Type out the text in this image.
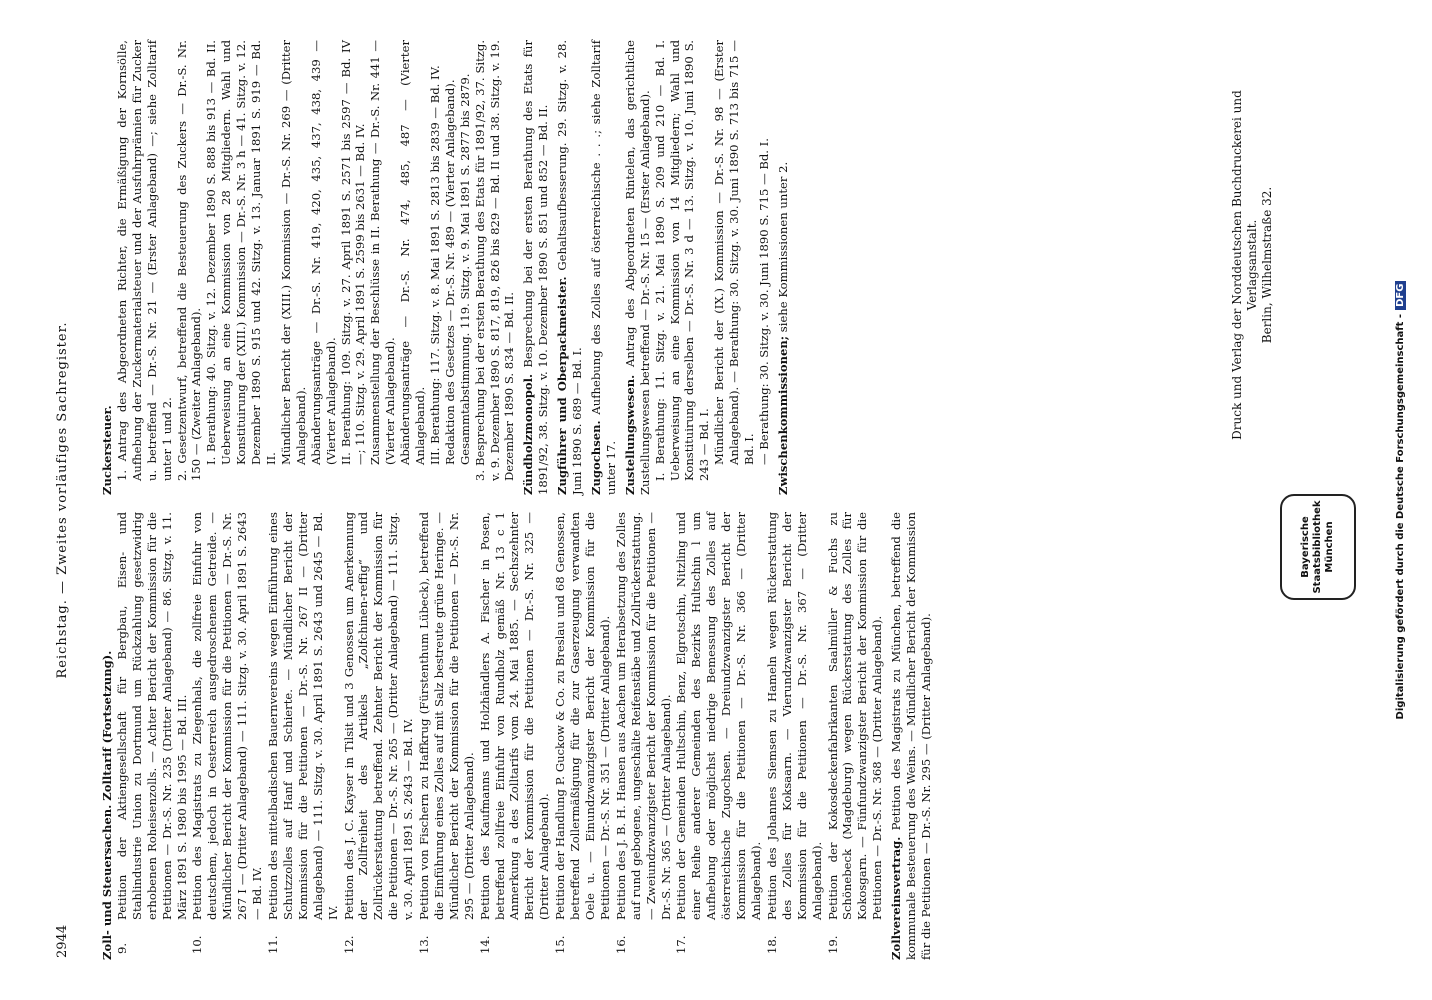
2944
Reichstag. — Zweites vorläufiges Sachregister.
Zoll- und Steuersachen. Zolltarif (Fortsetzung). 9.
Petition der Aktiengesellschaft für Bergbau, Eisen- und Stahlindustrie Union zu Dortmund um Rückzahlung gesetzwidrig erhobenen Roheisenzolls. — Achter Bericht der Kommission für die Petitionen — Dr.-S. Nr. 235 (Dritter Anlageband) — 86. Sitzg. v. 11. März 1891 S. 1980 bis 1995 — Bd. III.
10.
Petition des Magistrats zu Ziegenhals, die zollfreie Einfuhr von deutschem, jedoch in Oesterreich ausgedroschenem Getreide. — Mündlicher Bericht der Kommission für die Petitionen — Dr.-S. Nr. 267 I — (Dritter Anlageband) — 111. Sitzg. v. 30. April 1891 S. 2643 — Bd. IV.
11.
Petition des mittelbadischen Bauernvereins wegen Einführung eines Schutzzolles auf Hanf und Schierte. — Mündlicher Bericht der Kommission für die Petitionen — Dr.-S. Nr. 267 II — (Dritter Anlageband) — 111. Sitzg. v. 30. April 1891 S. 2643 und 2645 — Bd. IV.
12.
Petition des J. C. Kayser in Tilsit und 3 Genossen um Anerkennung der Zollfreiheit des Artikels „Zolfchinen-reffig“ und Zollrückerstattung betreffend. Zehnter Bericht der Kommission für die Petitionen — Dr.-S. Nr. 265 — (Dritter Anlageband) — 111. Sitzg. v. 30. April 1891 S. 2643 — Bd. IV.
13.
Petition von Fischern zu Haffkrug (Fürstenthum Lübeck), betreffend die Einführung eines Zolles auf mit Salz bestreute grüne Heringe. — Mündlicher Bericht der Kommission für die Petitionen — Dr.-S. Nr. 295 — (Dritter Anlageband).
14.
Petition des Kaufmanns und Holzhändlers A. Fischer in Posen, betreffend zollfreie Einfuhr von Rundholz gemäß Nr. 13 c 1 Anmerkung a des Zolltarifs vom 24. Mai 1885. — Sechszehnter Bericht der Kommission für die Petitionen — Dr.-S. Nr. 325 — (Dritter Anlageband).
15.
Petition der Handlung P. Guckow & Co. zu Breslau und 68 Genossen, betreffend Zollermäßigung für die zur Gaserzeugung verwandten Oele u. — Einundzwanzigster Bericht der Kommission für die Petitionen — Dr.-S. Nr. 351 — (Dritter Anlageband).
16.
Petition des J. B. H. Hansen aus Aachen um Herabsetzung des Zolles auf rund gebogene, ungeschälte Reifenstäbe und Zollrückerstattung. — Zweiundzwanzigster Bericht der Kommission für die Petitionen — Dr.-S. Nr. 365 — (Dritter Anlageband).
17.
Petition der Gemeinden Hultschin, Benz, Elgrotschin, Nitzling und einer Reihe anderer Gemeinden des Bezirks Hultschin l um Aufhebung oder möglichst niedrige Bemessung des Zolles auf österreichische Zugochsen. — Dreiundzwanzigster Bericht der Kommission für die Petitionen — Dr.-S. Nr. 366 — (Dritter Anlageband).
18.
Petition des Johannes Siemsen zu Hameln wegen Rückerstattung des Zolles für Koksaarn. — Vierundzwanzigster Bericht der Kommission für die Petitionen — Dr.-S. Nr. 367 — (Dritter Anlageband).
19.
Petition der Kokosdeckenfabrikanten Saalmüller & Fuchs zu Schönebeck (Magdeburg) wegen Rückerstattung des Zolles für Kokosgarn. — Fünfundzwanzigster Bericht der Kommission für die Petitionen — Dr.-S. Nr. 368 — (Dritter Anlageband). Zollvereinsvertrag. Petition des Magistrats zu München, betreffend die kommunale Besteuerung des Weins. — Mündlicher Bericht der Kommission für die Petitionen — Dr.-S. Nr. 295 — (Dritter Anlageband).
Zuckersteuer. 1. Antrag des Abgeordneten Richter, die Ermäßigung der Kornsölle, Aufhebung der Zuckermaterialsteuer und der Ausfuhrprämien für Zucker u. betreffend — Dr.-S. Nr. 21 — (Erster Anlageband) —; siehe Zolltarif unter 1 und 2. 2. Gesetzentwurf, betreffend die Besteuerung des Zuckers — Dr.-S. Nr. 150 — (Zweiter Anlageband). I. Berathung: 40. Sitzg. v. 12. Dezember 1890 S. 888 bis 913 — Bd. II. Ueberweisung an eine Kommission von 28 Mitgliedern. Wahl und Konstituirung der (XIII.) Kommission — Dr.-S. Nr. 3 h — 41. Sitzg. v. 12. Dezember 1890 S. 915 und 42. Sitzg. v. 13. Januar 1891 S. 919 — Bd. II. Mündlicher Bericht der (XIII.) Kommission — Dr.-S. Nr. 269 — (Dritter Anlageband). Abänderungsanträge — Dr.-S. Nr. 419, 420, 435, 437, 438, 439 — (Vierter Anlageband). II. Berathung: 109. Sitzg. v. 27. April 1891 S. 2571 bis 2597 — Bd. IV —; 110. Sitzg. v. 29. April 1891 S. 2599 bis 2631 — Bd. IV. Zusammenstellung der Beschlüsse in II. Berathung — Dr.-S. Nr. 441 — (Vierter Anlageband). Abänderungsanträge — Dr.-S. Nr. 474, 485, 487 — (Vierter Anlageband). III. Berathung: 117. Sitzg. v. 8. Mai 1891 S. 2813 bis 2839 — Bd. IV. Redaktion des Gesetzes — Dr.-S. Nr. 489 — (Vierter Anlageband). Gesammtabstimmung. 119. Sitzg. v. 9. Mai 1891 S. 2877 bis 2879. 3. Besprechung bei der ersten Berathung des Etats für 1891/92, 37. Sitzg. v. 9. Dezember 1890 S. 817, 819, 826 bis 829 — Bd. II und 38. Sitzg. v. 19. Dezember 1890 S. 834 — Bd. II. Zündholzmonopol. Besprechung bei der ersten Berathung des Etats für 1891/92, 38. Sitzg. v. 10. Dezember 1890 S. 851 und 852 — Bd. II. Zugführer und Oberpackmeister. Gehaltsaufbesserung. 29. Sitzg. v. 28. Juni 1890 S. 689 — Bd. I. Zugochsen. Aufhebung des Zolles auf österreichische . . .; siehe Zolltarif unter 17. Zustellungswesen. Antrag des Abgeordneten Rintelen, das gerichtliche Zustellungswesen betreffend — Dr.-S. Nr. 15 — (Erster Anlageband). I. Berathung: 11. Sitzg. v. 21. Mai 1890 S. 209 und 210 — Bd. I. Ueberweisung an eine Kommission von 14 Mitgliedern; Wahl und Konstituirung derselben — Dr.-S. Nr. 3 d — 13. Sitzg. v. 10. Juni 1890 S. 243 — Bd. I. Mündlicher Bericht der (IX.) Kommission — Dr.-S. Nr. 98 — (Erster Anlageband). — Berathung: 30. Sitzg. v. 30. Juni 1890 S. 713 bis 715 — Bd. I. — Berathung: 30. Sitzg. v. 30. Juni 1890 S. 715 — Bd. I. Zwischenkommissionen; siehe Kommissionen unter 2.
Bayerische Staatsbibliothek München
Druck und Verlag der Norddeutschen Buchdruckerei und Verlagsanstalt. Berlin, Wilhelmstraße 32.
Digitalisierung gefördert durch die Deutsche Forschungsgemeinschaft -DFG
